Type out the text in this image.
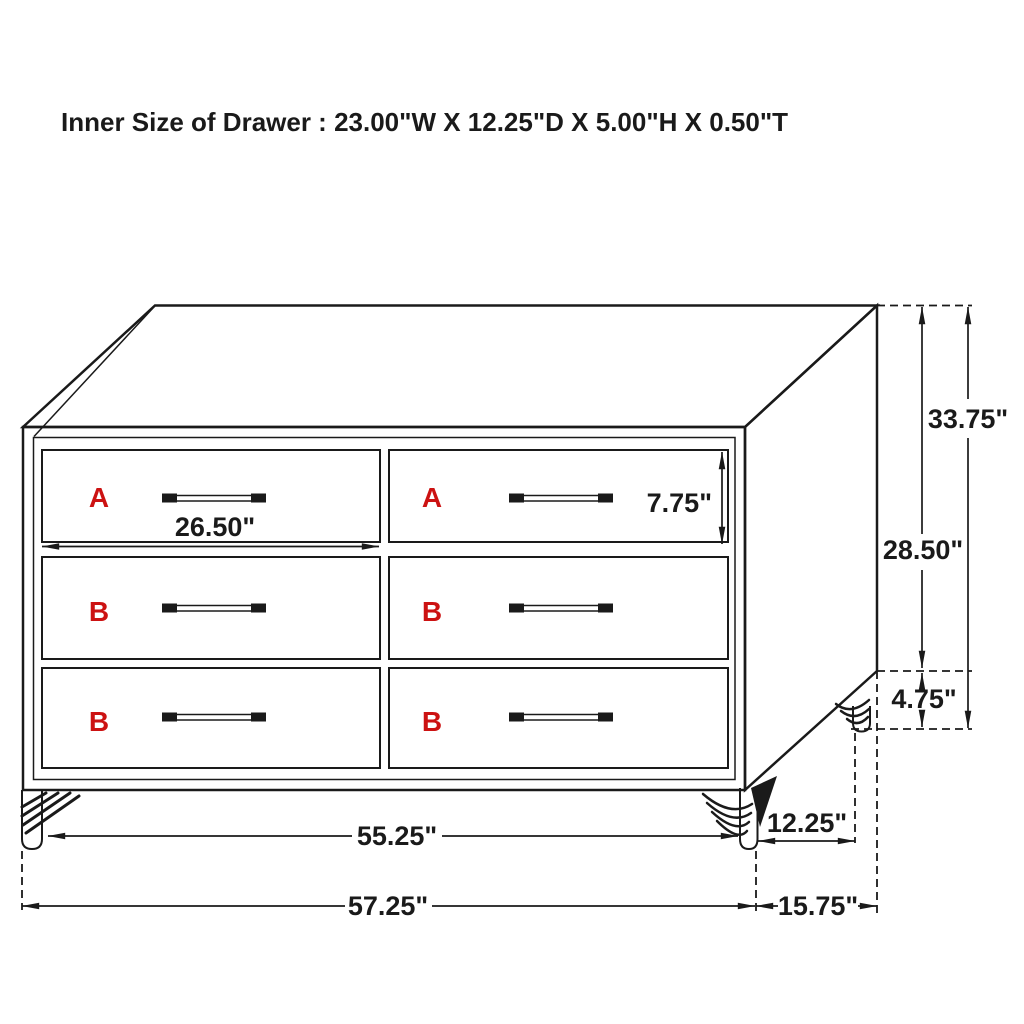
Inner Size of Drawer : 23.00"W X 12.25"D X 5.00"H X 0.50"T
A	A
B	B
B	B
26.50"
7.75"
28.50"
33.75"
4.75"
12.25"
15.75"
55.25"
57.25"
